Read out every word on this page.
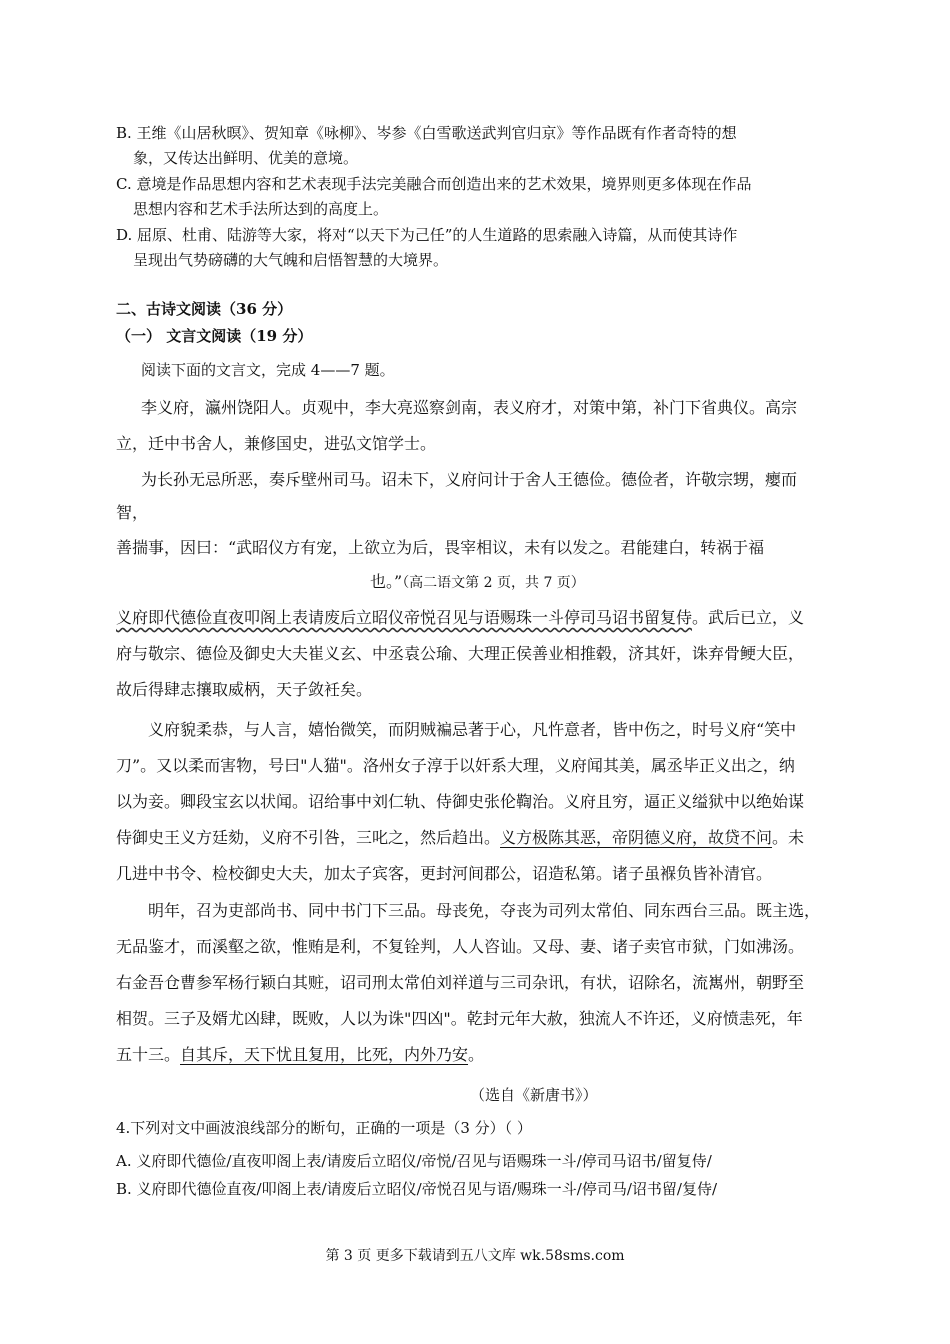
B. 王维《山居秋暝》、贺知章《咏柳》、岑参《白雪歌送武判官归京》等作品既有作者奇特的想
象，又传达出鲜明、优美的意境。
C. 意境是作品思想内容和艺术表现手法完美融合而创造出来的艺术效果，境界则更多体现在作品
思想内容和艺术手法所达到的高度上。
D. 屈原、杜甫、陆游等大家，将对“以天下为己任”的人生道路的思索融入诗篇，从而使其诗作
呈现出气势磅礴的大气魄和启悟智慧的大境界。
二、古诗文阅读（36 分）
（一） 文言文阅读（19 分）
阅读下面的文言文，完成 4——7 题。
李义府，瀛州饶阳人。贞观中，李大亮巡察剑南，表义府才，对策中第，补门下省典仪。高宗
立，迁中书舍人，兼修国史，进弘文馆学士。
为长孙无忌所恶，奏斥壁州司马。诏未下，义府问计于舍人王德俭。德俭者，许敬宗甥，瘿而
智，
善揣事，因曰：“武昭仪方有宠，上欲立为后，畏宰相议，未有以发之。君能建白，转祸于福
也。”（高二语文第 2 页，共 7 页）
义府即代德俭直夜叩阁上表请废后立昭仪帝悦召见与语赐珠一斗停司马诏书留复侍。武后已立，义
府与敬宗、德俭及御史大夫崔义玄、中丞袁公瑜、大理正侯善业相推毂，济其奸，诛弃骨鲠大臣，
故后得肆志攘取威柄，天子敛衽矣。
义府貌柔恭，与人言，嬉怡微笑，而阴贼褊忌著于心，凡忤意者，皆中伤之，时号义府“笑中
刀”。又以柔而害物，号曰"人猫"。洛州女子淳于以奸系大理，义府闻其美，属丞毕正义出之，纳
以为妾。卿段宝玄以状闻。诏给事中刘仁轨、侍御史张伦鞫治。义府且穷，逼正义缢狱中以绝始谋
侍御史王义方廷劾，义府不引咎，三叱之，然后趋出。义方极陈其恶，帝阴德义府，故贷不问。未
几进中书令、检校御史大夫，加太子宾客，更封河间郡公，诏造私第。诸子虽褓负皆补清官。
明年，召为吏部尚书、同中书门下三品。母丧免，夺丧为司列太常伯、同东西台三品。既主选，
无品鉴才，而溪壑之欲，惟贿是利，不复铨判，人人咨讪。又母、妻、诸子卖官市狱，门如沸汤。
右金吾仓曹参军杨行颖白其赃，诏司刑太常伯刘祥道与三司杂讯，有状，诏除名，流嶲州，朝野至
相贺。三子及婿尤凶肆，既败，人以为诛"四凶"。乾封元年大赦，独流人不许还，义府愤恚死，年
五十三。自其斥，天下忧且复用，比死，内外乃安。
（选自《新唐书》）
4.下列对文中画波浪线部分的断句，正确的一项是（3 分）（ ）
A. 义府即代德俭/直夜叩阁上表/请废后立昭仪/帝悦/召见与语赐珠一斗/停司马诏书/留复侍/
B. 义府即代德俭直夜/叩阁上表/请废后立昭仪/帝悦召见与语/赐珠一斗/停司马/诏书留/复侍/
第 3 页 更多下载请到五八文库 wk.58sms.com
